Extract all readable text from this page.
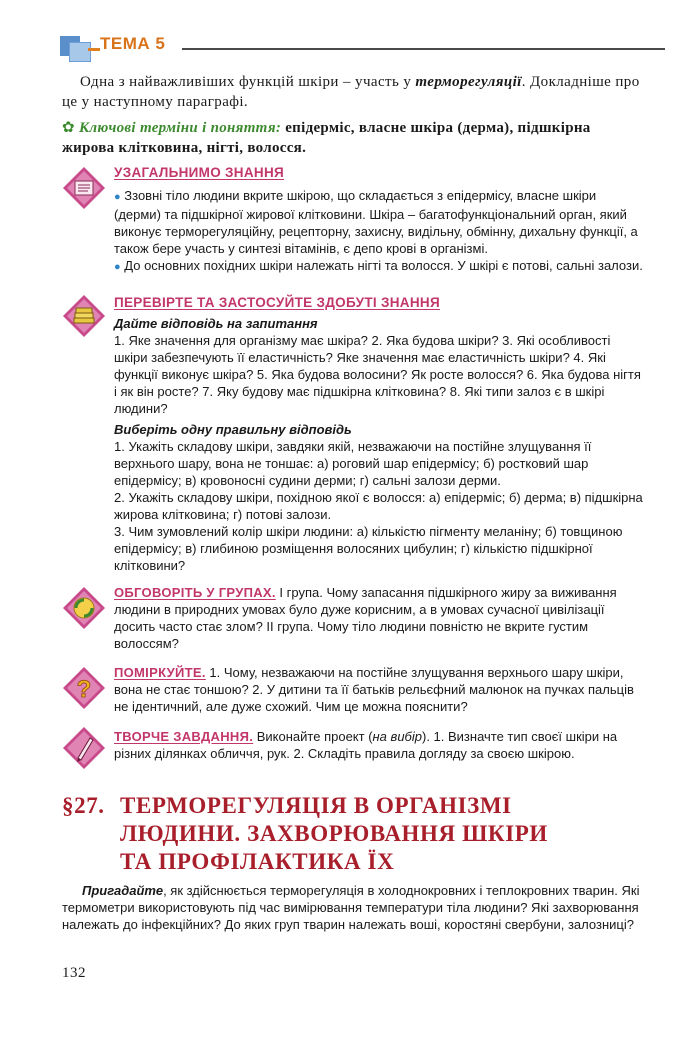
ТЕМА 5

Одна з найважливіших функцій шкіри – участь у терморегуляції. Докладніше про це у наступному параграфі.

✿ Ключові терміни і поняття: епідерміс, власне шкіра (дерма), підшкірна жирова клітковина, нігті, волосся.

УЗАГАЛЬНИМО ЗНАННЯ

● Ззовні тіло людини вкрите шкірою, що складається з епідермісу, власне шкіри (дерми) та підшкірної жирової клітковини. Шкіра – багатофункціональний орган, який виконує терморегуляційну, рецепторну, захисну, видільну, обмінну, дихальну функції, а також бере участь у синтезі вітамінів, є депо крові в організмі.

● До основних похідних шкіри належать нігті та волосся. У шкірі є потові, сальні залози.

ПЕРЕВІРТЕ ТА ЗАСТОСУЙТЕ ЗДОБУТІ ЗНАННЯ

Дайте відповідь на запитання

1. Яке значення для організму має шкіра? 2. Яка будова шкіри? 3. Які особливості шкіри забезпечують її еластичність? Яке значення має еластичність шкіри? 4. Які функції виконує шкіра? 5. Яка будова волосини? Як росте волосся? 6. Яка будова нігтя і як він росте? 7. Яку будову має підшкірна клітковина? 8. Які типи залоз є в шкірі людини?

Виберіть одну правильну відповідь

1. Укажіть складову шкіри, завдяки якій, незважаючи на постійне злущування її верхнього шару, вона не тоншає: а) роговий шар епідермісу; б) ростковий шар епідермісу; в) кровоносні судини дерми; г) сальні залози дерми.

2. Укажіть складову шкіри, похідною якої є волосся: а) епідерміс; б) дерма; в) підшкірна жирова клітковина; г) потові залози.

3. Чим зумовлений колір шкіри людини: а) кількістю пігменту меланіну; б) товщиною епідермісу; в) глибиною розміщення волосяних цибулин; г) кількістю підшкірної клітковини?

ОБГОВОРІТЬ У ГРУПАХ. І група. Чому запасання підшкірного жиру за виживання людини в природних умовах було дуже корисним, а в умовах сучасної цивілізації досить часто стає злом? ІІ група. Чому тіло людини повністю не вкрите густим волоссям?

?

ПОМІРКУЙТЕ. 1. Чому, незважаючи на постійне злущування верхнього шару шкіри, вона не стає тоншою? 2. У дитини та її батьків рельєфний малюнок на пучках пальців не ідентичний, але дуже схожий. Чим це можна пояснити?

ТВОРЧЕ ЗАВДАННЯ. Виконайте проект (на вибір). 1. Визначте тип своєї шкіри на різних ділянках обличчя, рук. 2. Складіть правила догляду за своєю шкірою.

§27. ТЕРМОРЕГУЛЯЦІЯ В ОРГАНІЗМІ
ЛЮДИНИ. ЗАХВОРЮВАННЯ ШКІРИ
ТА ПРОФІЛАКТИКА ЇХ

Пригадайте, як здійснюється терморегуляція в холоднокровних і теплокровних тварин. Які термометри використовують під час вимірювання температури тіла людини? Які захворювання належать до інфекційних? До яких груп тварин належать воші, коростяні свербуни, залозниці?

132
